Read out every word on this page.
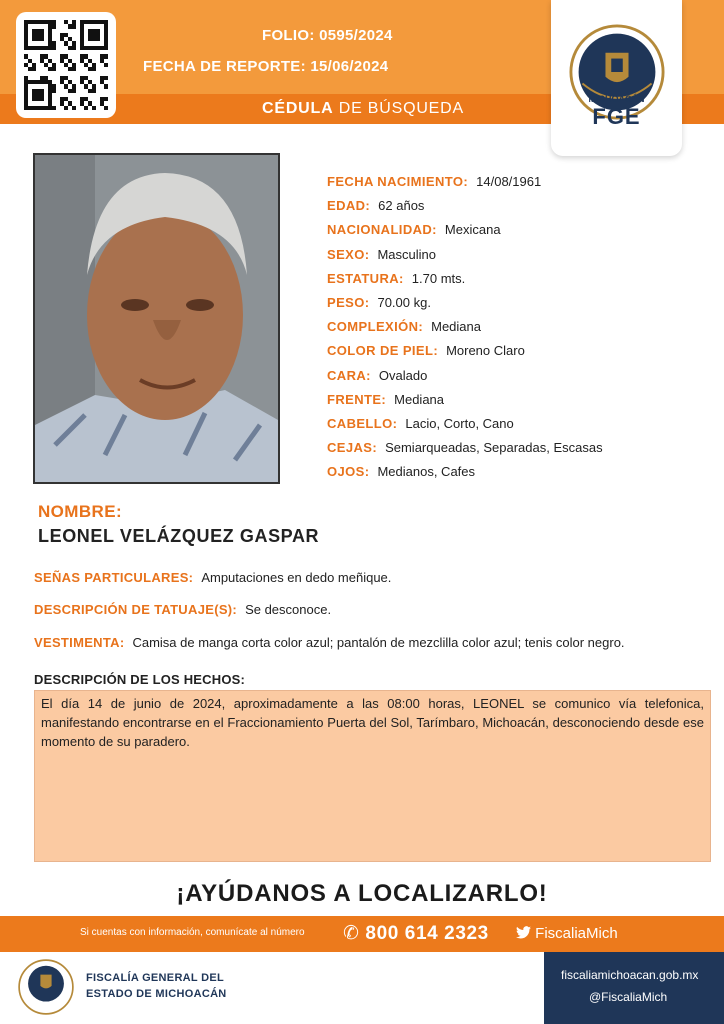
FOLIO: 0595/2024
FECHA DE REPORTE: 15/06/2024
CÉDULA DE BÚSQUEDA
MICHOACÁN
FGE
FECHA NACIMIENTO: 14/08/1961
EDAD: 62 años
NACIONALIDAD: Mexicana
SEXO: Masculino
ESTATURA: 1.70 mts.
PESO: 70.00 kg.
COMPLEXIÓN: Mediana
COLOR DE PIEL: Moreno Claro
CARA: Ovalado
FRENTE: Mediana
CABELLO: Lacio, Corto, Cano
CEJAS: Semiarqueadas, Separadas, Escasas
OJOS: Medianos, Cafes
NOMBRE:
LEONEL VELÁZQUEZ GASPAR
SEÑAS PARTICULARES: Amputaciones en dedo meñique.
DESCRIPCIÓN DE TATUAJE(S): Se desconoce.
VESTIMENTA: Camisa de manga corta color azul; pantalón de mezclilla color azul; tenis color negro.
DESCRIPCIÓN DE LOS HECHOS:
El día 14 de junio de 2024, aproximadamente a las 08:00 horas, LEONEL se comunico vía telefonica, manifestando encontrarse en el Fraccionamiento Puerta del Sol, Tarímbaro, Michoacán, desconociendo desde ese momento de su paradero.
¡AYÚDANOS A LOCALIZARLO!
Si cuentas con información, comunícate al número ✆ 800 614 2323	FiscaliaMich
FISCALÍA GENERAL DEL
ESTADO DE MICHOACÁN
fiscaliamichoacan.gob.mx
@FiscaliaMich
